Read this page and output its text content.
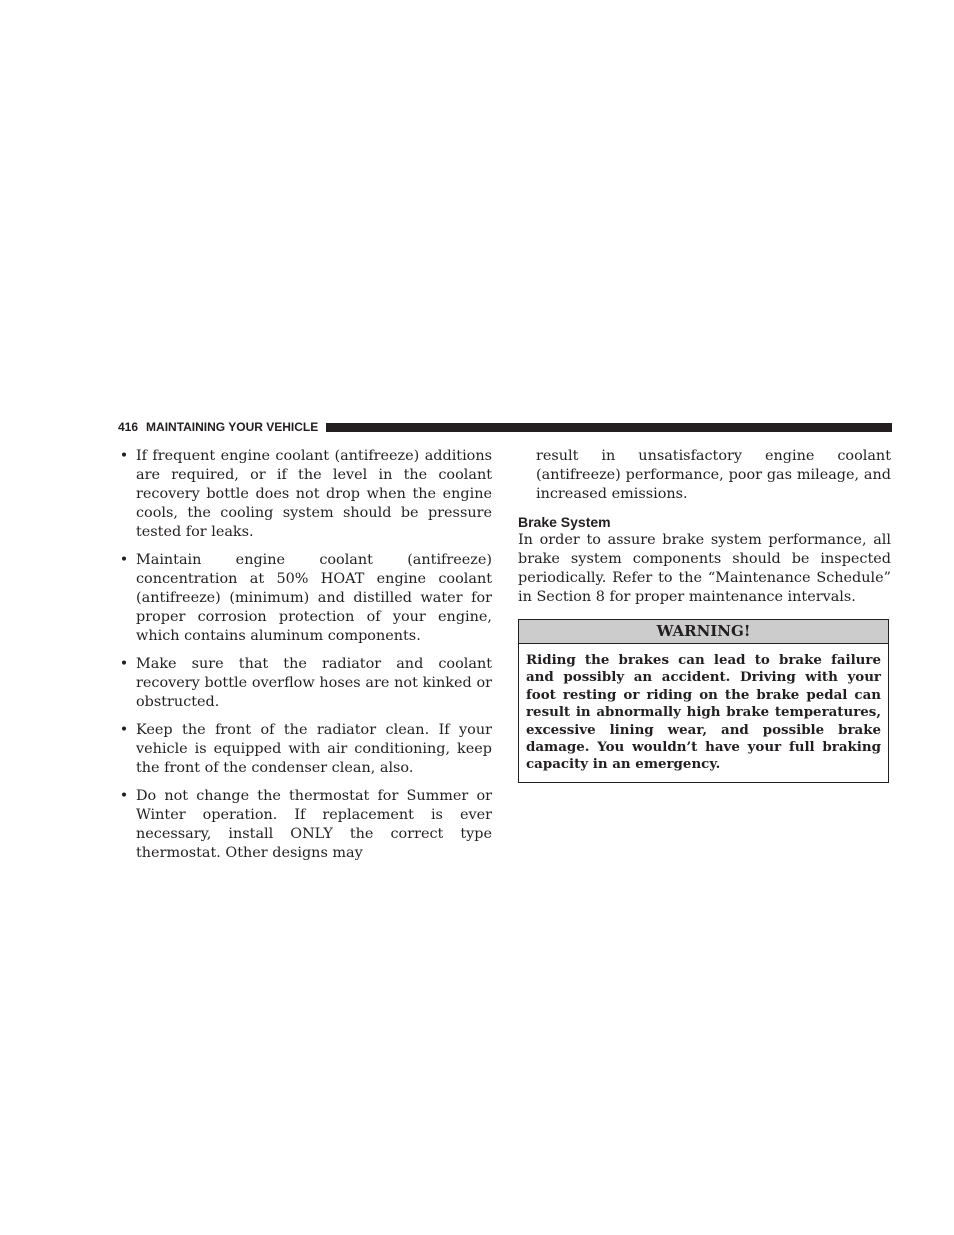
416 MAINTAINING YOUR VEHICLE
• If frequent engine coolant (antifreeze) additions are required, or if the level in the coolant recovery bottle does not drop when the engine cools, the cooling system should be pressure tested for leaks.
• Maintain engine coolant (antifreeze) concentration at 50% HOAT engine coolant (antifreeze) (minimum) and distilled water for proper corrosion protection of your engine, which contains aluminum components.
• Make sure that the radiator and coolant recovery bottle overflow hoses are not kinked or obstructed.
• Keep the front of the radiator clean. If your vehicle is equipped with air conditioning, keep the front of the condenser clean, also.
• Do not change the thermostat for Summer or Winter operation. If replacement is ever necessary, install ONLY the correct type thermostat. Other designs may

result in unsatisfactory engine coolant (antifreeze) performance, poor gas mileage, and increased emissions.

Brake System

In order to assure brake system performance, all brake system components should be inspected periodically. Refer to the “Maintenance Schedule” in Section 8 for proper maintenance intervals.

WARNING!
Riding the brakes can lead to brake failure and possibly an accident. Driving with your foot resting or riding on the brake pedal can result in abnormally high brake temperatures, excessive lining wear, and possible brake damage. You wouldn’t have your full braking capacity in an emergency.
